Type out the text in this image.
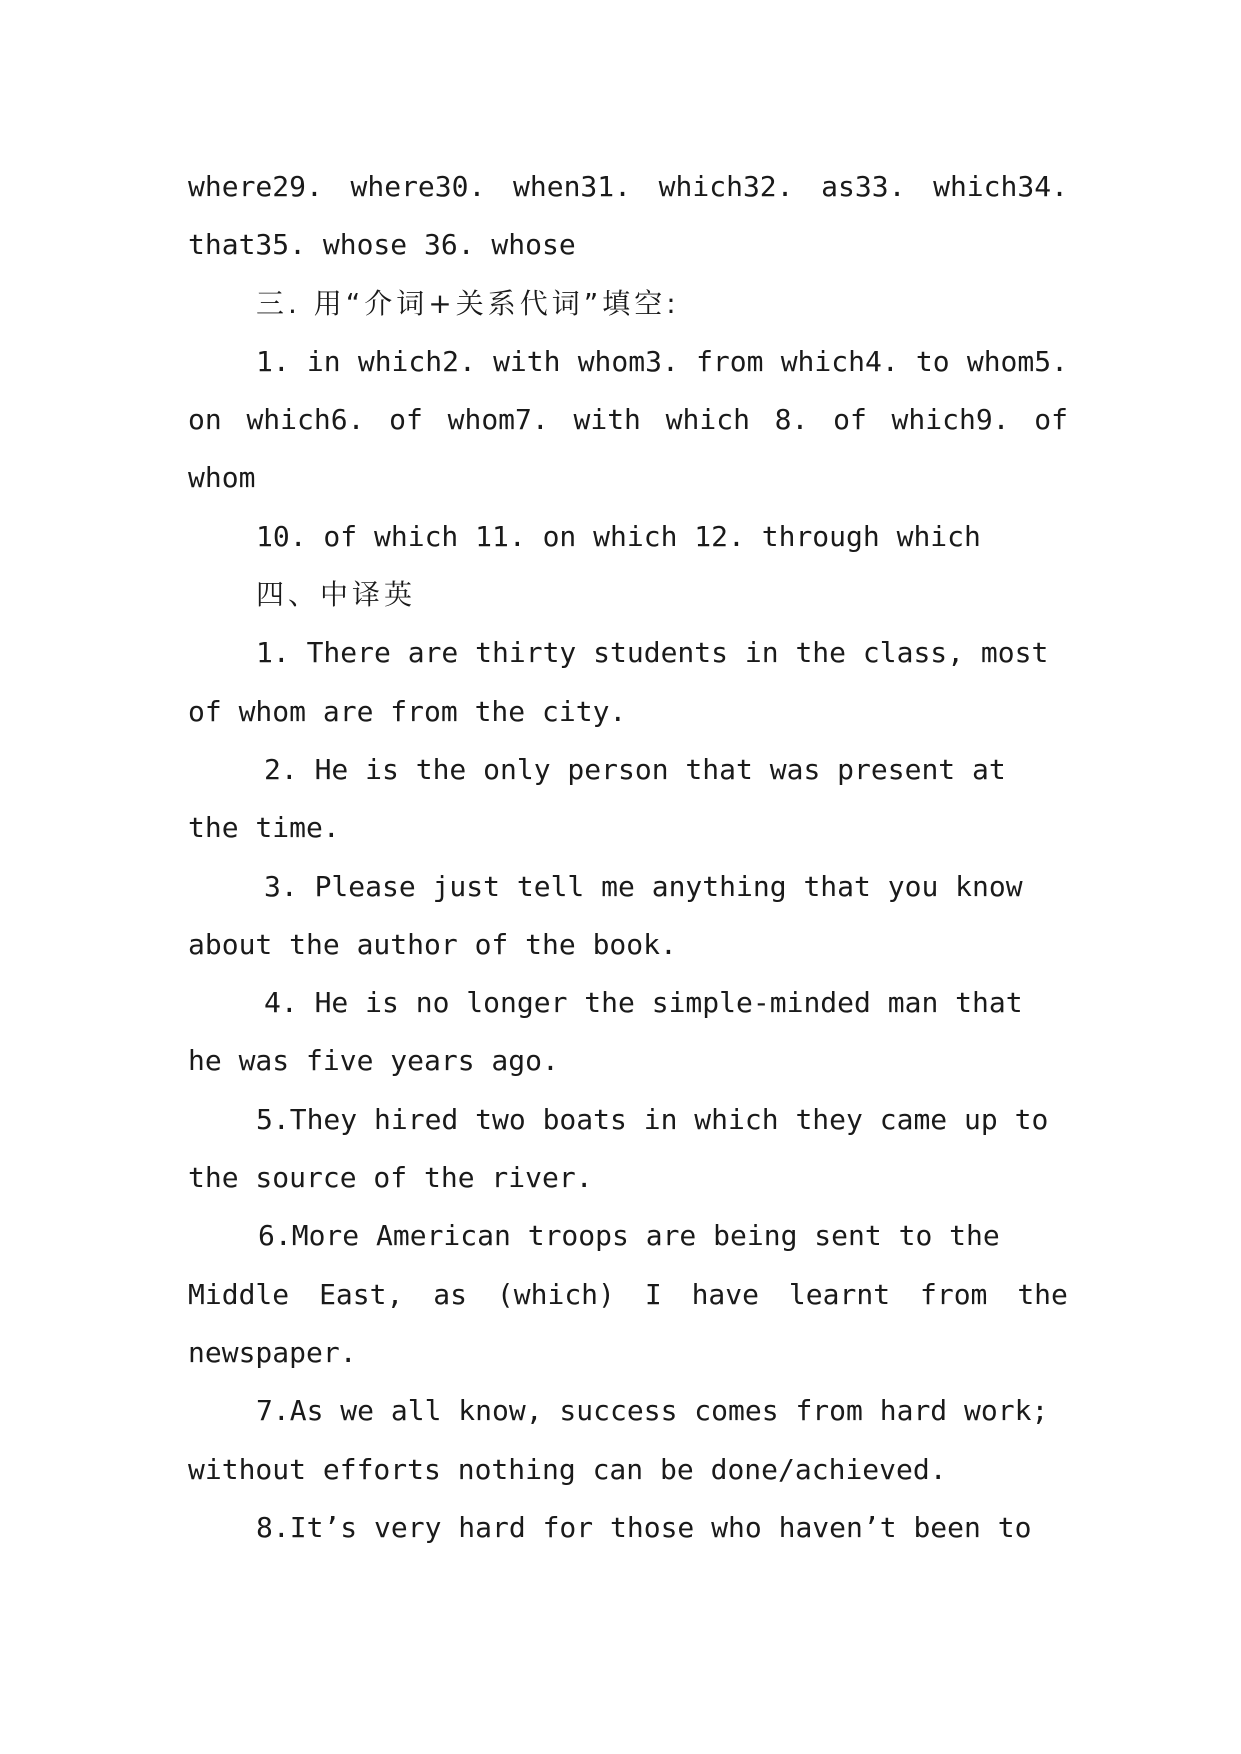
where29. where30. when31. which32. as33. which34.
that35. whose 36. whose
三. 用“介词+关系代词”填空:
1. in which2. with whom3. from which4. to whom5.
on which6. of whom7. with which 8. of which9. of
whom
10. of which 11. on which 12. through which
四、中译英
1. There are thirty students in the class, most
of whom are from the city.
2. He is the only person that was present at
the time.
3. Please just tell me anything that you know
about the author of the book.
4. He is no longer the simple-minded man that
he was five years ago.
5.They hired two boats in which they came up to
the source of the river.
6.More American troops are being sent to the
Middle East, as (which) I have learnt from the
newspaper.
7.As we all know, success comes from hard work;
without efforts nothing can be done/achieved.
8.It’s very hard for those who haven’t been to
